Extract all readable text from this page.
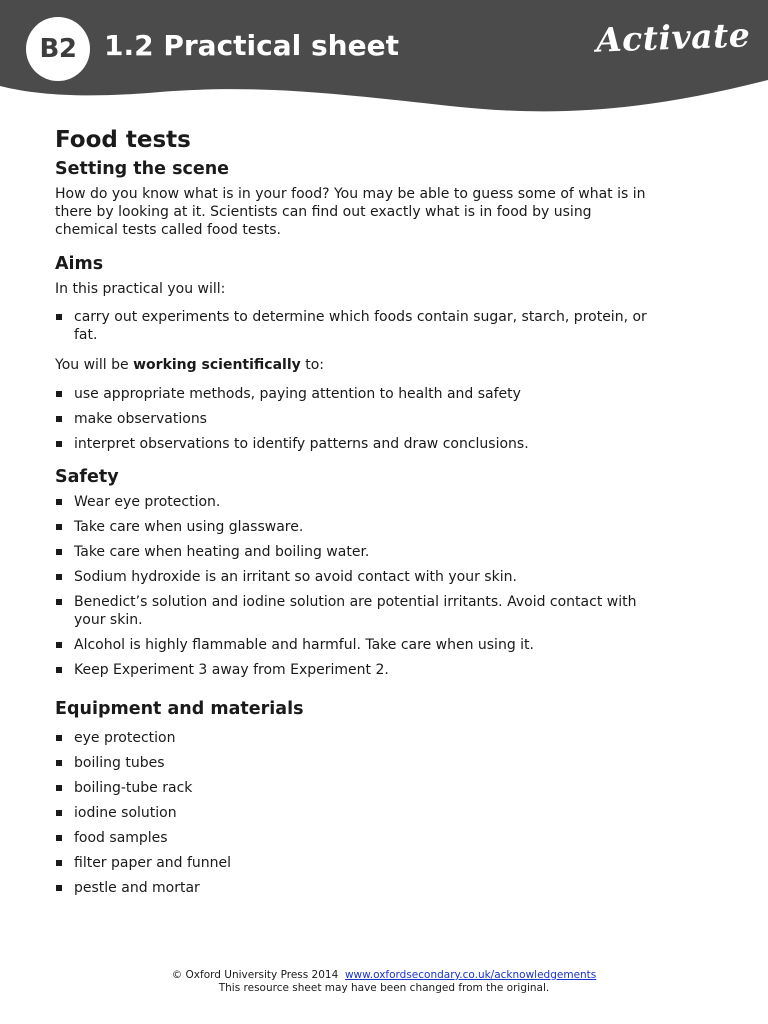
B2 1.2 Practical sheet	Activate
Food tests
Setting the scene

How do you know what is in your food? You may be able to guess some of what is in there by looking at it. Scientists can find out exactly what is in food by using chemical tests called food tests.

Aims

In this practical you will:

carry out experiments to determine which foods contain sugar, starch, protein, or fat.

You will be working scientifically to:

use appropriate methods, paying attention to health and safety
make observations
interpret observations to identify patterns and draw conclusions.
Safety
Wear eye protection.
Take care when using glassware.
Take care when heating and boiling water.
Sodium hydroxide is an irritant so avoid contact with your skin.
Benedict’s solution and iodine solution are potential irritants. Avoid contact with your skin.
Alcohol is highly flammable and harmful. Take care when using it.
Keep Experiment 3 away from Experiment 2.
Equipment and materials
eye protection
boiling tubes
boiling-tube rack
iodine solution
food samples
filter paper and funnel
pestle and mortar
© Oxford University Press 2014 www.oxfordsecondary.co.uk/acknowledgements
This resource sheet may have been changed from the original.
